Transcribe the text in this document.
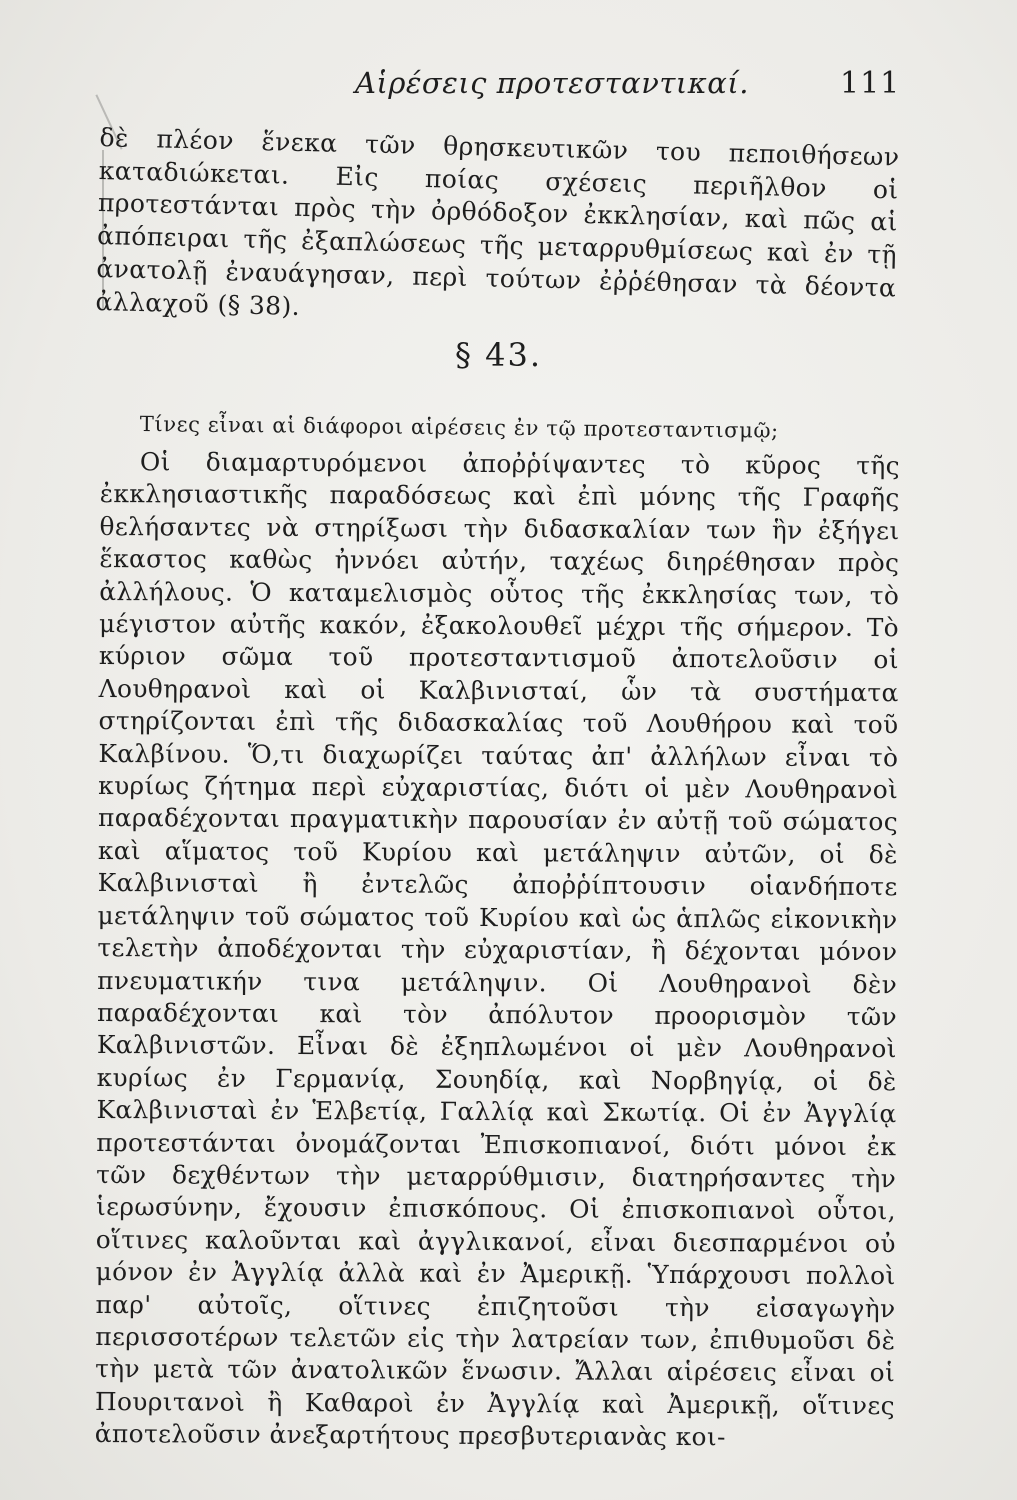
Αἱρέσεις προτεσταντικαί.	111

δὲ πλέον ἕνεκα τῶν θρησκευτικῶν του πεποιθήσεων καταδιώκεται. Εἰς ποίας σχέσεις περιῆλθον οἱ προτεστάνται πρὸς τὴν ὀρθόδοξον ἐκκλησίαν, καὶ πῶς αἱ ἀπόπειραι τῆς ἐξαπλώσεως τῆς μεταρρυθμίσεως καὶ ἐν τῇ ἀνατολῇ ἐναυάγησαν, περὶ τούτων ἐῤῥέθησαν τὰ δέοντα ἀλλαχοῦ (§ 38).

§ 43.
Τίνες εἶναι αἱ διάφοροι αἱρέσεις ἐν τῷ προτεσταντισμῷ;

Οἱ διαμαρτυρόμενοι ἀποῤῥίψαντες τὸ κῦρος τῆς ἐκκλησιαστικῆς παραδόσεως καὶ ἐπὶ μόνης τῆς Γραφῆς θελήσαντες νὰ στηρίξωσι τὴν διδασκαλίαν των ἣν ἐξήγει ἕκαστος καθὼς ἠννόει αὐτήν, ταχέως διηρέθησαν πρὸς ἀλλήλους. Ὁ καταμελισμὸς οὗτος τῆς ἐκκλησίας των, τὸ μέγιστον αὐτῆς κακόν, ἐξακολουθεῖ μέχρι τῆς σήμερον. Τὸ κύριον σῶμα τοῦ προτεσταντισμοῦ ἀποτελοῦσιν οἱ Λουθηρανοὶ καὶ οἱ Καλβινισταί, ὧν τὰ συστήματα στηρίζονται ἐπὶ τῆς διδασκαλίας τοῦ Λουθήρου καὶ τοῦ Καλβίνου. Ὅ,τι διαχωρίζει ταύτας ἀπ' ἀλλήλων εἶναι τὸ κυρίως ζήτημα περὶ εὐχαριστίας, διότι οἱ μὲν Λουθηρανοὶ παραδέχονται πραγματικὴν παρουσίαν ἐν αὐτῇ τοῦ σώματος καὶ αἵματος τοῦ Κυρίου καὶ μετάληψιν αὐτῶν, οἱ δὲ Καλβινισταὶ ἢ ἐντελῶς ἀποῤῥίπτουσιν οἱανδήποτε μετάληψιν τοῦ σώματος τοῦ Κυρίου καὶ ὡς ἁπλῶς εἰκονικὴν τελετὴν ἀποδέχονται τὴν εὐχαριστίαν, ἢ δέχονται μόνον πνευματικήν τινα μετάληψιν. Οἱ Λουθηρανοὶ δὲν παραδέχονται καὶ τὸν ἀπόλυτον προορισμὸν τῶν Καλβινιστῶν. Εἶναι δὲ ἐξηπλωμένοι οἱ μὲν Λουθηρανοὶ κυρίως ἐν Γερμανίᾳ, Σουηδίᾳ, καὶ Νορβηγίᾳ, οἱ δὲ Καλβινισταὶ ἐν Ἑλβετίᾳ, Γαλλίᾳ καὶ Σκωτίᾳ. Οἱ ἐν Ἀγγλίᾳ προτεστάνται ὀνομάζονται Ἐπισκοπιανοί, διότι μόνοι ἐκ τῶν δεχθέντων τὴν μεταρρύθμισιν, διατηρήσαντες τὴν ἱερωσύνην, ἔχουσιν ἐπισκόπους. Οἱ ἐπισκοπιανοὶ οὗτοι, οἵτινες καλοῦνται καὶ ἀγγλικανοί, εἶναι διεσπαρμένοι οὐ μόνον ἐν Ἀγγλίᾳ ἀλλὰ καὶ ἐν Ἀμερικῇ. Ὑπάρχουσι πολλοὶ παρ' αὐτοῖς, οἵτινες ἐπιζητοῦσι τὴν εἰσαγωγὴν περισσοτέρων τελετῶν εἰς τὴν λατρείαν των, ἐπιθυμοῦσι δὲ τὴν μετὰ τῶν ἀνατολικῶν ἕνωσιν. Ἄλλαι αἱρέσεις εἶναι οἱ Πουριτανοὶ ἢ Καθαροὶ ἐν Ἀγγλίᾳ καὶ Ἀμερικῇ, οἵτινες ἀποτελοῦσιν ἀνεξαρτήτους πρεσβυτεριανὰς κοι-
